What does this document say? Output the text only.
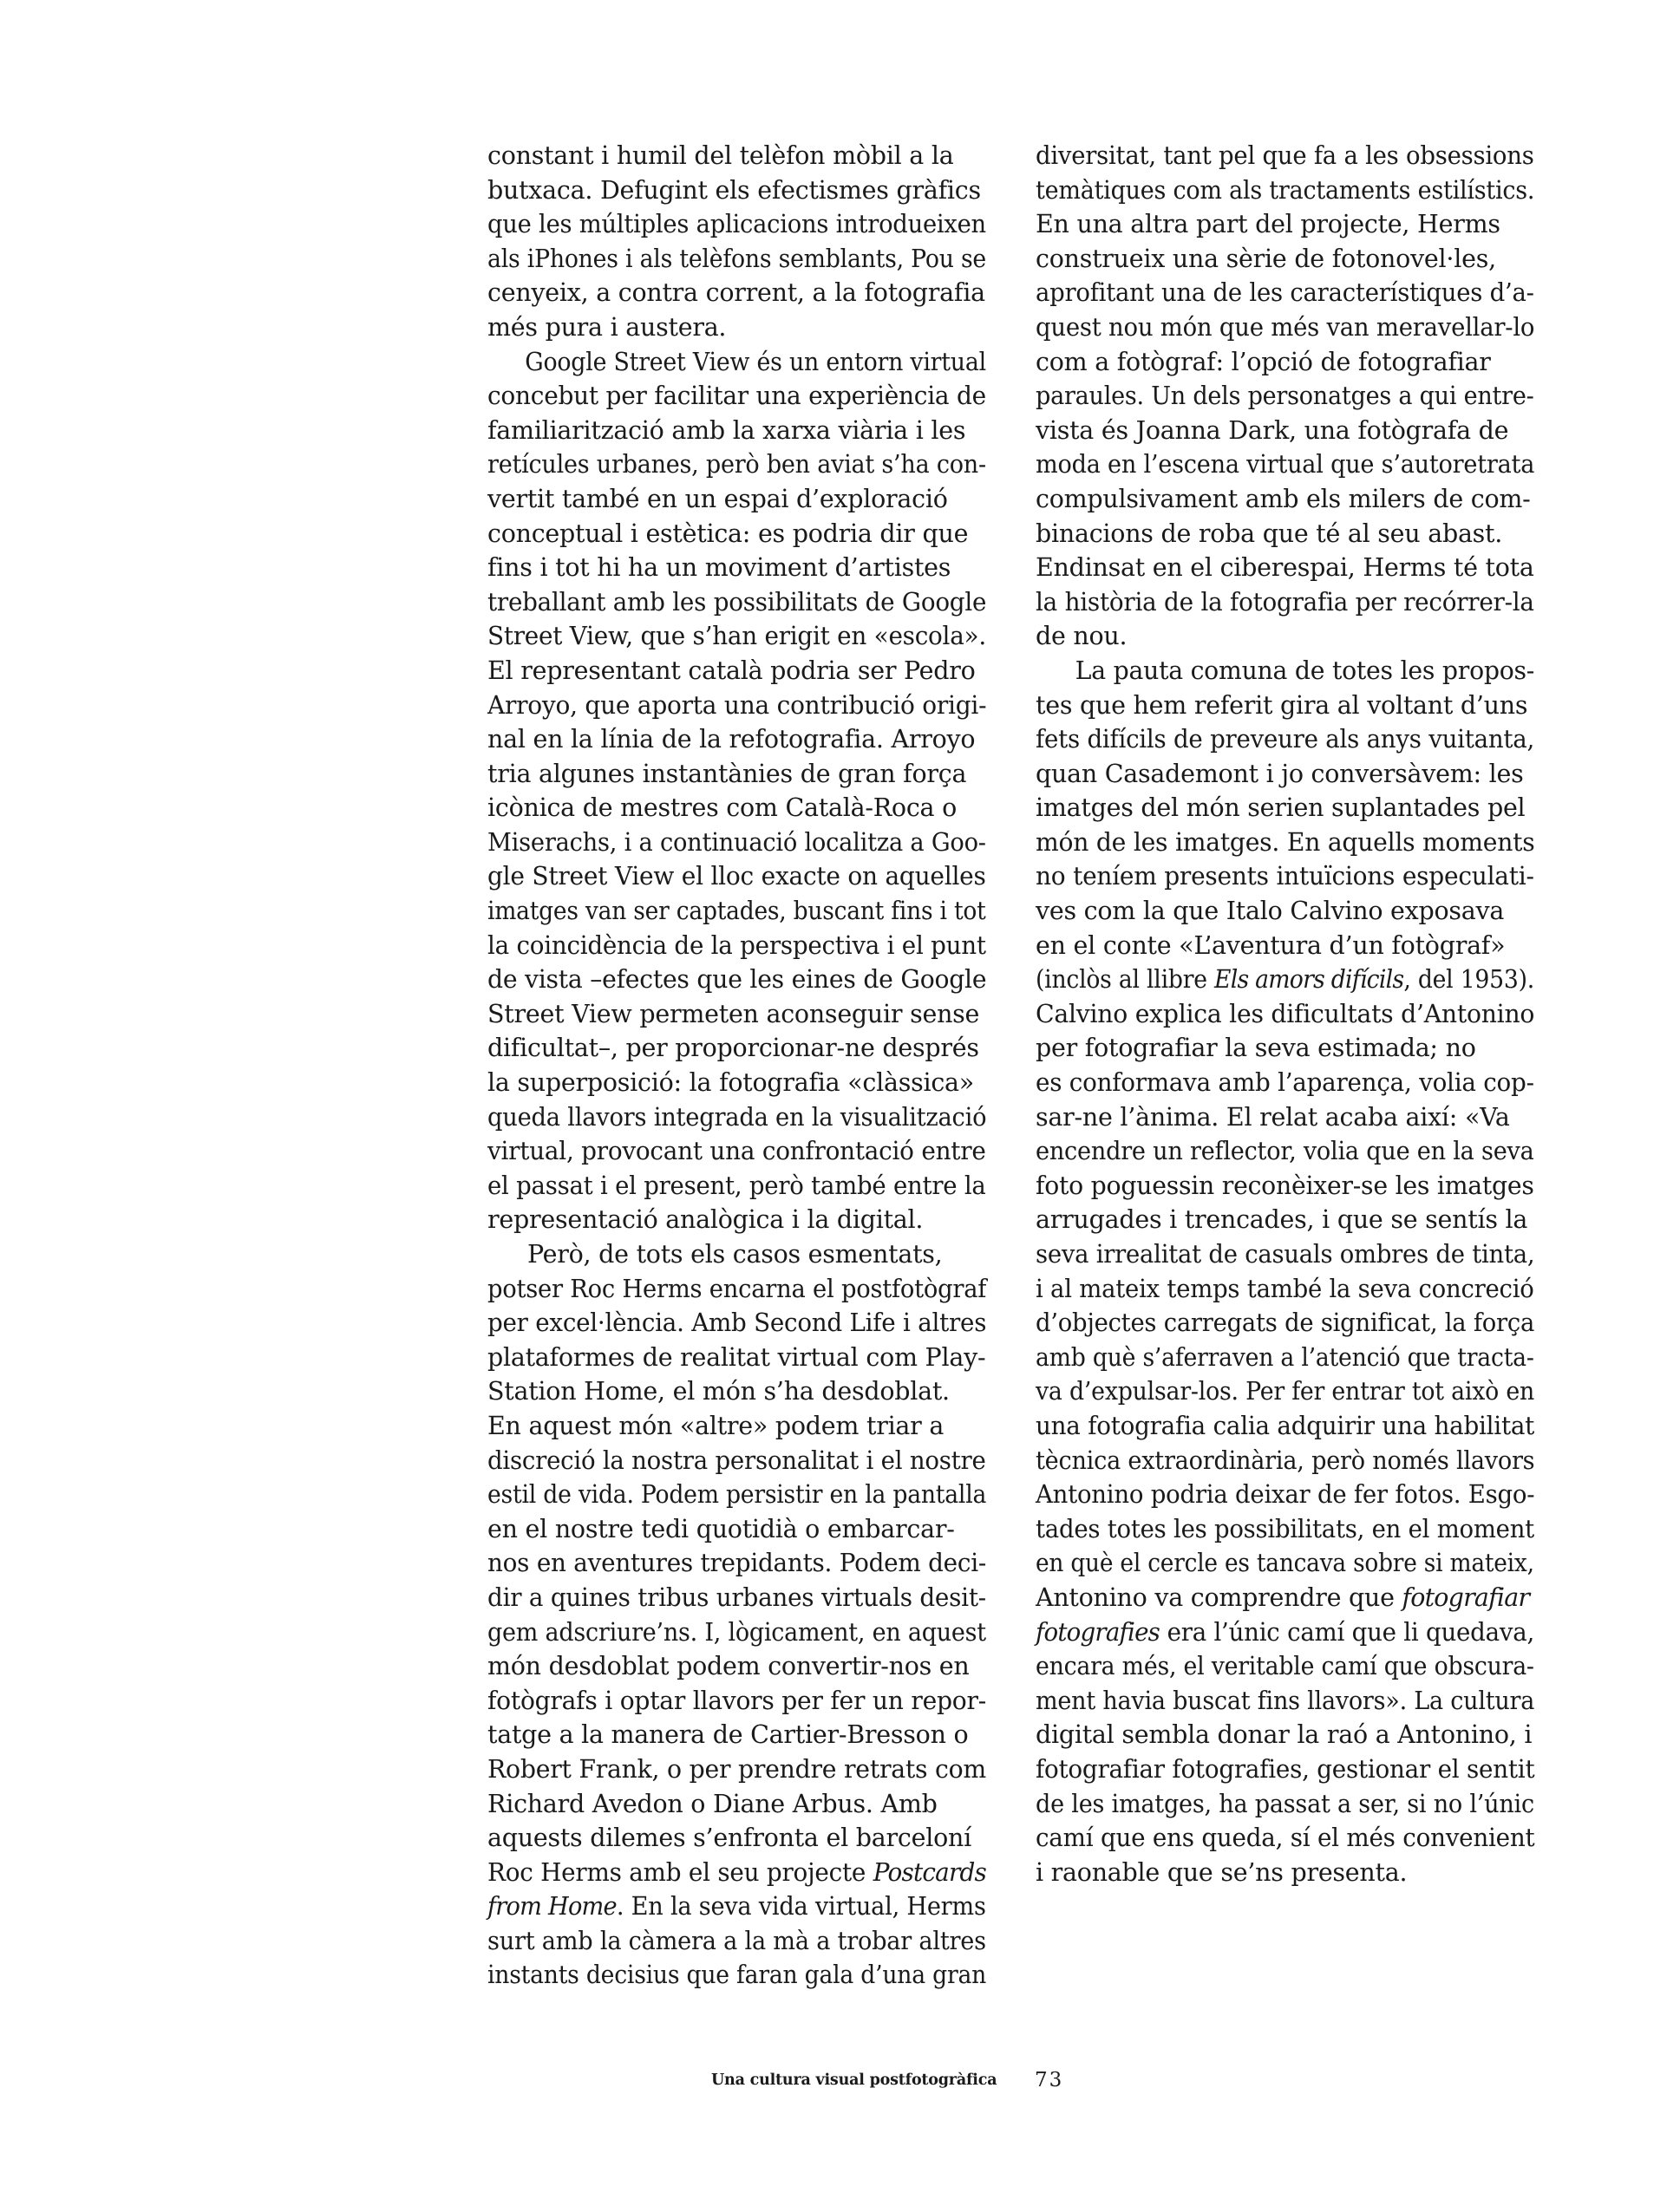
constant i humil del telèfon mòbil a la
butxaca. Defugint els efectismes gràfics
que les múltiples aplicacions introdueixen
als iPhones i als telèfons semblants, Pou se
cenyeix, a contra corrent, a la fotografia
més pura i austera.
Google Street View és un entorn virtual
concebut per facilitar una experiència de
familiarització amb la xarxa viària i les
retícules urbanes, però ben aviat s’ha con-
vertit també en un espai d’exploració
conceptual i estètica: es podria dir que
fins i tot hi ha un moviment d’artistes
treballant amb les possibilitats de Google
Street View, que s’han erigit en «escola».
El representant català podria ser Pedro
Arroyo, que aporta una contribució origi-
nal en la línia de la refotografia. Arroyo
tria algunes instantànies de gran força
icònica de mestres com Català-Roca o
Miserachs, i a continuació localitza a Goo-
gle Street View el lloc exacte on aquelles
imatges van ser captades, buscant fins i tot
la coincidència de la perspectiva i el punt
de vista –efectes que les eines de Google
Street View permeten aconseguir sense
dificultat–, per proporcionar-ne després
la superposició: la fotografia «clàssica»
queda llavors integrada en la visualització
virtual, provocant una confrontació entre
el passat i el present, però també entre la
representació analògica i la digital.
Però, de tots els casos esmentats,
potser Roc Herms encarna el postfotògraf
per excel·lència. Amb Second Life i altres
plataformes de realitat virtual com Play-
Station Home, el món s’ha desdoblat.
En aquest món «altre» podem triar a
discreció la nostra personalitat i el nostre
estil de vida. Podem persistir en la pantalla
en el nostre tedi quotidià o embarcar-
nos en aventures trepidants. Podem deci-
dir a quines tribus urbanes virtuals desit-
gem adscriure’ns. I, lògicament, en aquest
món desdoblat podem convertir-nos en
fotògrafs i optar llavors per fer un repor-
tatge a la manera de Cartier-Bresson o
Robert Frank, o per prendre retrats com
Richard Avedon o Diane Arbus. Amb
aquests dilemes s’enfronta el barceloní
Roc Herms amb el seu projecte Postcards
from Home. En la seva vida virtual, Herms
surt amb la càmera a la mà a trobar altres
instants decisius que faran gala d’una gran
diversitat, tant pel que fa a les obsessions
temàtiques com als tractaments estilístics.
En una altra part del projecte, Herms
construeix una sèrie de fotonovel·les,
aprofitant una de les característiques d’a-
quest nou món que més van meravellar-lo
com a fotògraf: l’opció de fotografiar
paraules. Un dels personatges a qui entre-
vista és Joanna Dark, una fotògrafa de
moda en l’escena virtual que s’autoretrata
compulsivament amb els milers de com-
binacions de roba que té al seu abast.
Endinsat en el ciberespai, Herms té tota
la història de la fotografia per recórrer-la
de nou.
La pauta comuna de totes les propos-
tes que hem referit gira al voltant d’uns
fets difícils de preveure als anys vuitanta,
quan Casademont i jo conversàvem: les
imatges del món serien suplantades pel
món de les imatges. En aquells moments
no teníem presents intuïcions especulati-
ves com la que Italo Calvino exposava
en el conte «L’aventura d’un fotògraf»
(inclòs al llibre Els amors difícils, del 1953).
Calvino explica les dificultats d’Antonino
per fotografiar la seva estimada; no
es conformava amb l’aparença, volia cop-
sar-ne l’ànima. El relat acaba així: «Va
encendre un reflector, volia que en la seva
foto poguessin reconèixer-se les imatges
arrugades i trencades, i que se sentís la
seva irrealitat de casuals ombres de tinta,
i al mateix temps també la seva concreció
d’objectes carregats de significat, la força
amb què s’aferraven a l’atenció que tracta-
va d’expulsar-los. Per fer entrar tot això en
una fotografia calia adquirir una habilitat
tècnica extraordinària, però només llavors
Antonino podria deixar de fer fotos. Esgo-
tades totes les possibilitats, en el moment
en què el cercle es tancava sobre si mateix,
Antonino va comprendre que fotografiar
fotografies era l’únic camí que li quedava,
encara més, el veritable camí que obscura-
ment havia buscat fins llavors». La cultura
digital sembla donar la raó a Antonino, i
fotografiar fotografies, gestionar el sentit
de les imatges, ha passat a ser, si no l’únic
camí que ens queda, sí el més convenient
i raonable que se’ns presenta.
Una cultura visual postfotogràfica 73
